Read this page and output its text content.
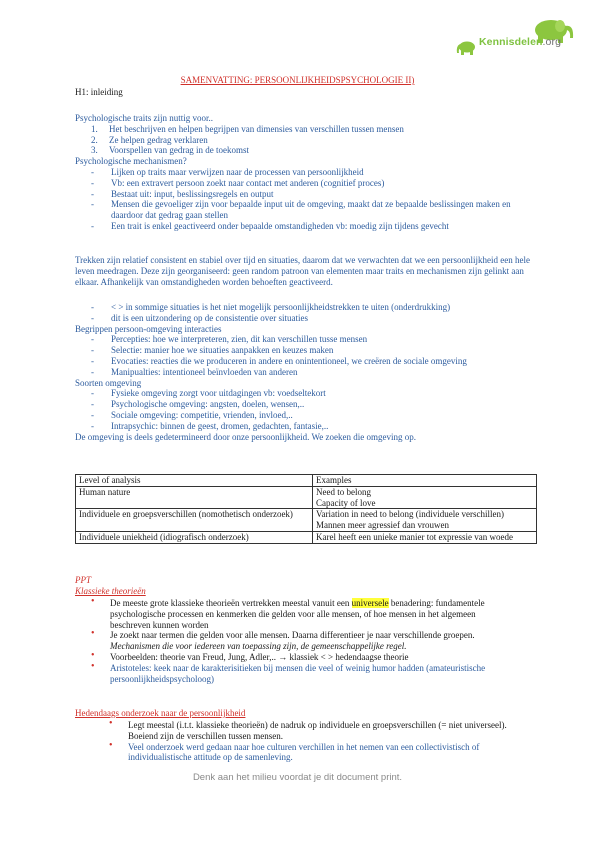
Kennisdelen.org
SAMENVATTING: PERSOONLIJKHEIDSPSYCHOLOGIE II)
H1: inleiding
Psychologische traits zijn nuttig voor..
1. Het beschrijven en helpen begrijpen van dimensies van verschillen tussen mensen
2. Ze helpen gedrag verklaren
3. Voorspellen van gedrag in de toekomst
Psychologische mechanismen?
- Lijken op traits maar verwijzen naar de processen van persoonlijkheid
- Vb: een extravert persoon zoekt naar contact met anderen (cognitief proces)
- Bestaat uit: input, beslissingsregels en output
- Mensen die gevoeliger zijn voor bepaalde input uit de omgeving, maakt dat ze bepaalde beslissingen maken en daardoor dat gedrag gaan stellen
- Een trait is enkel geactiveerd onder bepaalde omstandigheden vb: moedig zijn tijdens gevecht
Trekken zijn relatief consistent en stabiel over tijd en situaties, daarom dat we verwachten dat we een persoonlijkheid een hele leven meedragen. Deze zijn georganiseerd: geen random patroon van elementen maar traits en mechanismen zijn gelinkt aan elkaar. Afhankelijk van omstandigheden worden behoeften geactiveerd.
- < > in sommige situaties is het niet mogelijk persoonlijkheidstrekken te uiten (onderdrukking)
- dit is een uitzondering op de consistentie over situaties
Begrippen persoon-omgeving interacties
- Percepties: hoe we interpreteren, zien, dit kan verschillen tusse mensen
- Selectie: manier hoe we situaties aanpakken en keuzes maken
- Evocaties: reacties die we produceren in andere en onintentioneel, we creëren de sociale omgeving
- Manipualties: intentioneel beïnvloeden van anderen
Soorten omgeving
- Fysieke omgeving zorgt voor uitdagingen vb: voedseltekort
- Psychologische omgeving: angsten, doelen, wensen,..
- Sociale omgeving: competitie, vrienden, invloed,..
- Intrapsychic: binnen de geest, dromen, gedachten, fantasie,..
De omgeving is deels gedetermineerd door onze persoonlijkheid. We zoeken die omgeving op.
Level of analysis	Examples
Human nature	Need to belong
Capacity of love

Individuele en groepsverschillen (nomothetisch onderzoek)	Variation in need to belong (individuele verschillen)
Mannen meer agressief dan vrouwen

Individuele uniekheid (idiografisch onderzoek)	Karel heeft een unieke manier tot expressie van woede
PPT
Klassieke theorieën
• De meeste grote klassieke theorieën vertrekken meestal vanuit een universele benadering: fundamentele psychologische processen en kenmerken die gelden voor alle mensen, of hoe mensen in het algemeen beschreven kunnen worden
• Je zoekt naar termen die gelden voor alle mensen. Daarna differentieer je naar verschillende groepen. Mechanismen die voor iedereen van toepassing zijn, de gemeenschappelijke regel.
• Voorbeelden: theorie van Freud, Jung, Adler,.. → klassiek < > hedendaagse theorie
• Aristoteles: keek naar de karakterisitieken bij mensen die veel of weinig humor hadden (amateuristische persoonlijkheidspsycholoog)
Hedendaags onderzoek naar de persoonlijkheid
• Legt meestal (i.t.t. klassieke theorieën) de nadruk op individuele en groepsverschillen (= niet universeel). Boeiend zijn de verschillen tussen mensen.
• Veel onderzoek werd gedaan naar hoe culturen verchillen in het nemen van een collectivistisch of individualistische attitude op de samenleving.
Denk aan het milieu voordat je dit document print.
